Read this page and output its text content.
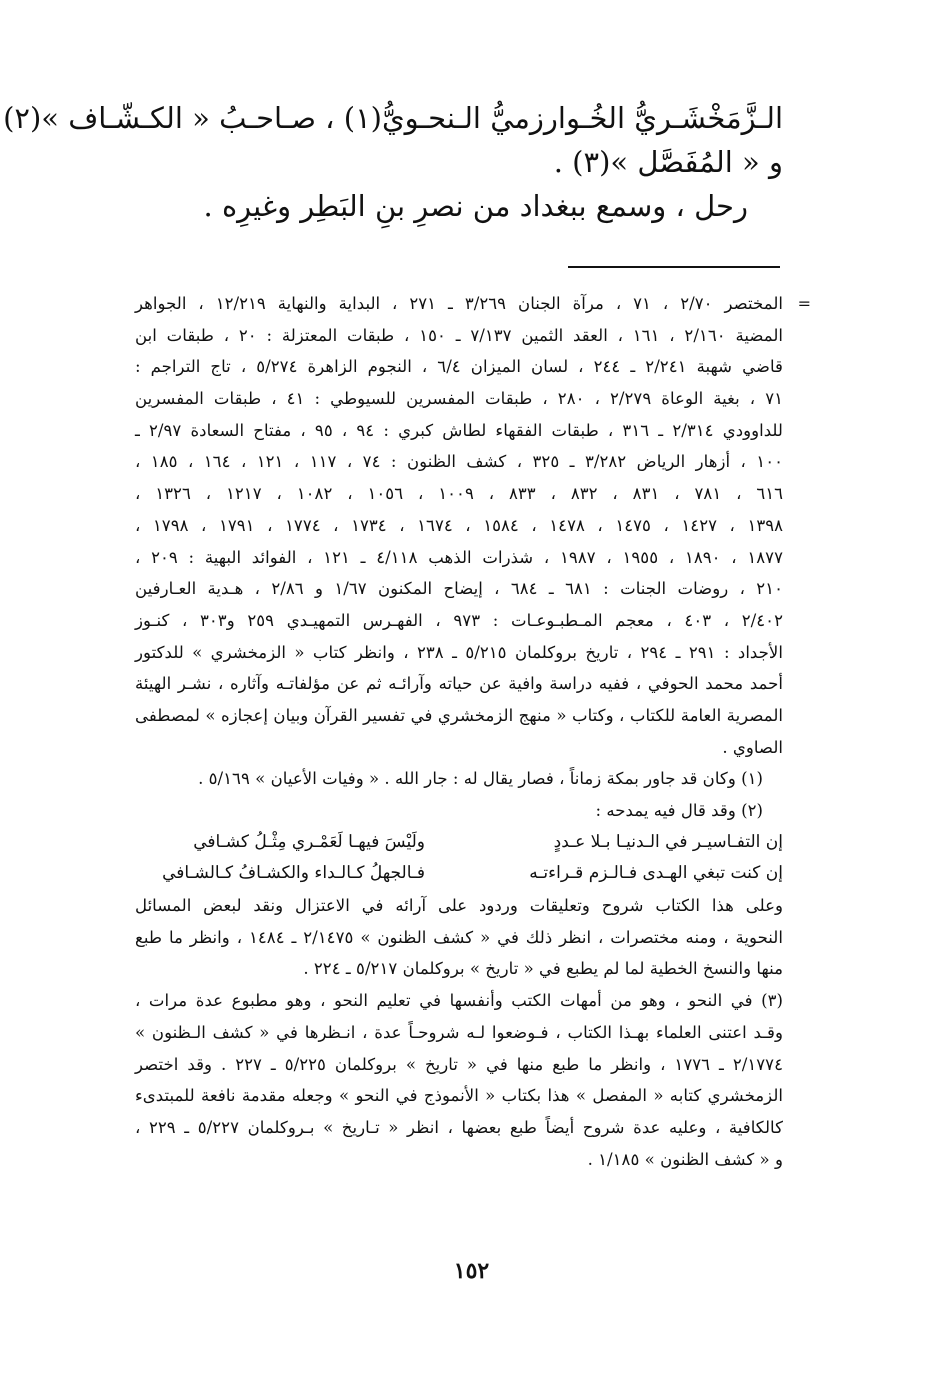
الـزَّمَخْشَـريُّ الخُـوارزميُّ الـنحـويُّ(١) ، صـاحـبُ « الكـشّـاف »(٢)
و « المُفَصَّل »(٣) .
رحل ، وسمع ببغداد من نصرِ بنِ البَطِر وغيرِه .
=
المختصر ٢/٧٠ ، ٧١ ، مرآة الجنان ٣/٢٦٩ ـ ٢٧١ ، البداية والنهاية ١٢/٢١٩ ، الجواهر
المضية ٢/١٦٠ ، ١٦١ ، العقد الثمين ٧/١٣٧ ـ ١٥٠ ، طبقات المعتزلة : ٢٠ ، طبقات ابن
قاضي شهبة ٢/٢٤١ ـ ٢٤٤ ، لسان الميزان ٦/٤ ، النجوم الزاهرة ٥/٢٧٤ ، تاج التراجم :
٧١ ، بغية الوعاة ٢/٢٧٩ ، ٢٨٠ ، طبقات المفسرين للسيوطي : ٤١ ، طبقات المفسرين
للداوودي ٢/٣١٤ ـ ٣١٦ ، طبقات الفقهاء لطاش كبري : ٩٤ ، ٩٥ ، مفتاح السعادة ٢/٩٧ ـ
١٠٠ ، أزهار الرياض ٣/٢٨٢ ـ ٣٢٥ ، كشف الظنون : ٧٤ ، ١١٧ ، ١٢١ ، ١٦٤ ، ١٨٥ ،
٦١٦ ، ٧٨١ ، ٨٣١ ، ٨٣٢ ، ٨٣٣ ، ١٠٠٩ ، ١٠٥٦ ، ١٠٨٢ ، ١٢١٧ ، ١٣٢٦ ،
١٣٩٨ ، ١٤٢٧ ، ١٤٧٥ ، ١٤٧٨ ، ١٥٨٤ ، ١٦٧٤ ، ١٧٣٤ ، ١٧٧٤ ، ١٧٩١ ، ١٧٩٨ ،
١٨٧٧ ، ١٨٩٠ ، ١٩٥٥ ، ١٩٨٧ ، شذرات الذهب ٤/١١٨ ـ ١٢١ ، الفوائد البهية : ٢٠٩ ،
٢١٠ ، روضات الجنات : ٦٨١ ـ ٦٨٤ ، إيضاح المكنون ١/٦٧ و ٢/٨٦ ، هـدية العـارفين
٢/٤٠٢ ، ٤٠٣ ، معجم المـطبـوعـات : ٩٧٣ ، الفهـرس التمهيـدي ٢٥٩ و٣٠٣ ، كنـوز
الأجداد : ٢٩١ ـ ٢٩٤ ، تاريخ بروكلمان ٥/٢١٥ ـ ٢٣٨ ، وانظر كتاب « الزمخشري » للدكتور
أحمد محمد الحوفي ، ففيه دراسة وافية عن حياته وآرائـه ثم عن مؤلفاتـه وآثاره ، نشـر الهيئة
المصرية العامة للكتاب ، وكتاب « منهج الزمخشري في تفسير القرآن وبيان إعجازه » لمصطفى
الصاوي .
(١) وكان قد جاور بمكة زماناً ، فصار يقال له : جار الله . « وفيات الأعيان » ٥/١٦٩ .
(٢) وقد قال فيه يمدحه :
إن التفـاسيـر في الـدنيـا بـلا عـددٍ
ولَيْسَ فيهـا لَعَمْـري مِثْـلُ كشـافي
إن كنت تبغي الهـدى فـالـزم قـراءتـه
فـالجهلُ كـالـداء والكشـافُ كـالشـافي
وعلى هذا الكتاب شروح وتعليقات وردود على آرائه في الاعتزال ونقد لبعض المسائل
النحوية ، ومنه مختصرات ، انظر ذلك في « كشف الظنون » ٢/١٤٧٥ ـ ١٤٨٤ ، وانظر ما طبع
منها والنسخ الخطية لما لم يطبع في « تاريخ » بروكلمان ٥/٢١٧ ـ ٢٢٤ .
(٣) في النحو ، وهو من أمهات الكتب وأنفسها في تعليم النحو ، وهو مطبوع عدة مرات ،
وقـد اعتنى العلماء بهـذا الكتاب ، فـوضعوا لـه شروحـاً عدة ، انـظرها في « كشف الـظنون »
٢/١٧٧٤ ـ ١٧٧٦ ، وانظر ما طبع منها في « تاريخ » بروكلمان ٥/٢٢٥ ـ ٢٢٧ . وقد اختصر
الزمخشري كتابه « المفصل » هذا بكتاب « الأنموذج في النحو » وجعله مقدمة نافعة للمبتدىء
كالكافية ، وعليه عدة شروح أيضاً طبع بعضها ، انظر « تـاريخ » بـروكلمان ٥/٢٢٧ ـ ٢٢٩ ،
و « كشف الظنون » ١/١٨٥ .
١٥٢
